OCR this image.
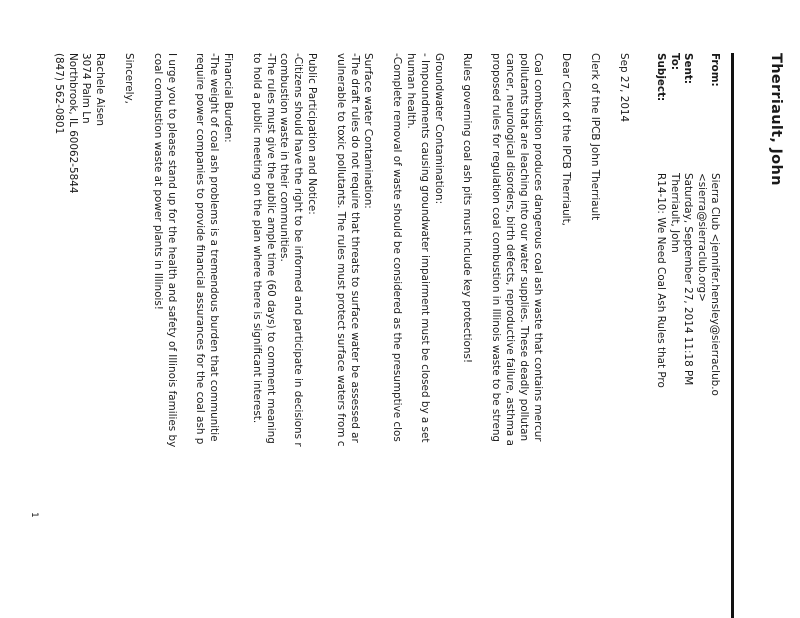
Therriault, John
From:
Sierra Club <jennifer.hensley@sierraclub.o
<sierra@sierraclub.org>
Sent:
Saturday, September 27, 2014 11:18 PM
To:
Therriault, John
Subject:
R14-10: We Need Coal Ash Rules that Pro

Sep 27, 2014

Clerk of the IPCB John Therriault

Dear Clerk of the IPCB Therriault,

Coal combustion produces dangerous coal ash waste that contains mercur
pollutants that are leaching into our water supplies. These deadly pollutan
cancer, neurological disorders, birth defects, reproductive failure, asthma a
proposed rules for regulation coal combustion in Illinois waste to be streng

Rules governing coal ash pits must include key protections!

Groundwater Contamination:
- Impoundments causing groundwater impairment must be closed by a set
human health.
-Complete removal of waste should be considered as the presumptive clos

Surface water Contamination:
-The draft rules do not require that threats to surface water be assessed ar
vulnerable to toxic pollutants. The rules must protect surface waters from c

Public Participation and Notice:
-Citizens should have the right to be informed and participate in decisions r
combustion waste in their communities.
-The rules must give the public ample time (60 days) to comment meaning
to hold a public meeting on the plan where there is significant interest.

Financial Burden:
-The weight of coal ash problems is a tremendous burden that communitie
require power companies to provide financial assurances for the coal ash p

I urge you to please stand up for the health and safety of Illinois families by
coal combustion waste at power plants in Illinois!

Sincerely,

Rachele Aisen
3074 Palm Ln
Northbrook, IL 60062-5844
(847) 562-0801

1
